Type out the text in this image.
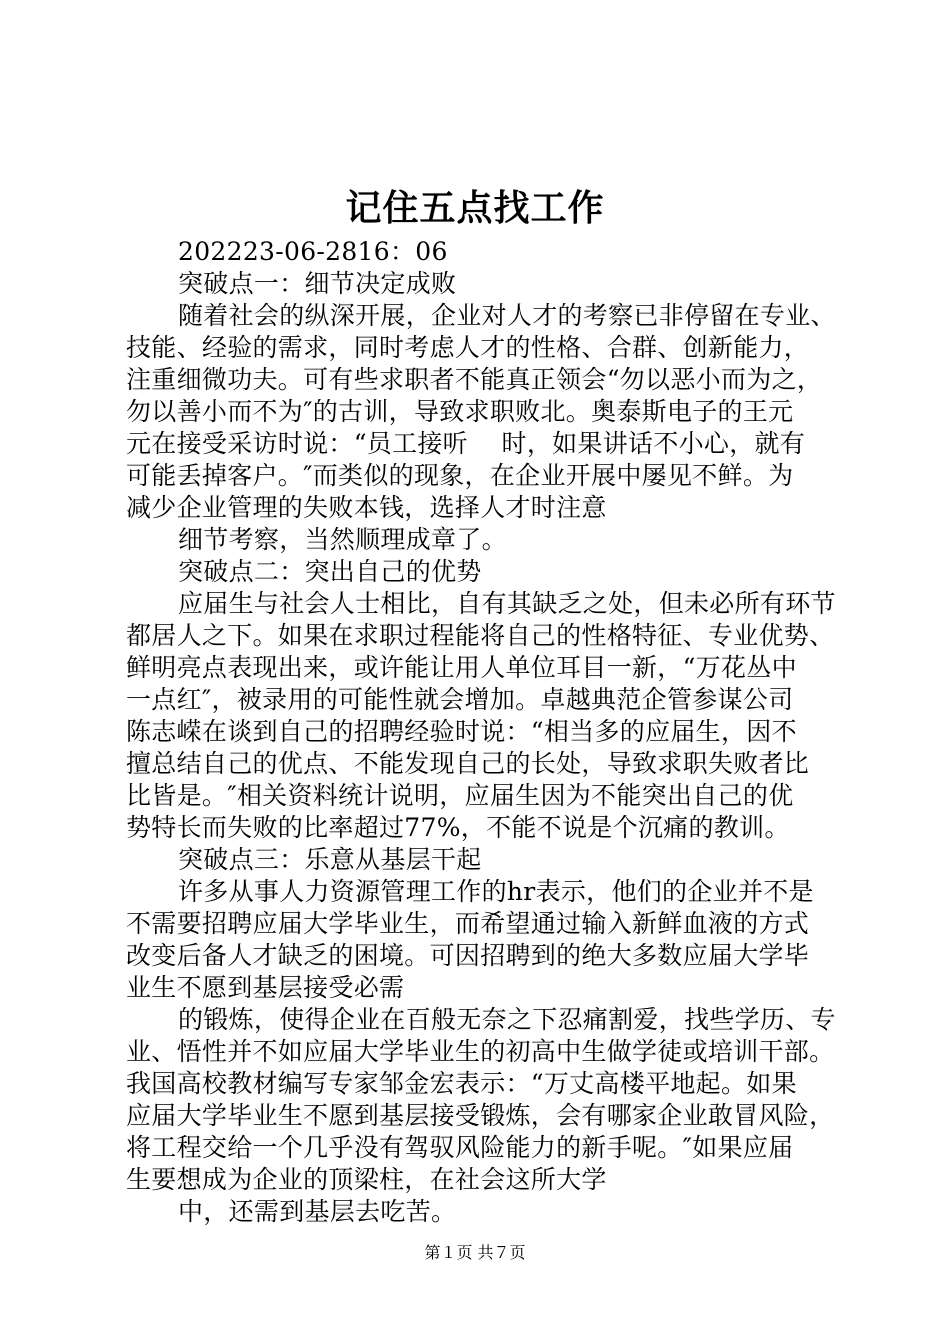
记住五点找工作
202223-06-2816：06
突破点一：细节决定成败
随着社会的纵深开展，企业对人才的考察已非停留在专业、
技能、经验的需求，同时考虑人才的性格、合群、创新能力，
注重细微功夫。可有些求职者不能真正领会“勿以恶小而为之，
勿以善小而不为″的古训，导致求职败北。奥泰斯电子的王元
元在接受采访时说：“员工接听　 时，如果讲话不小心，就有
可能丢掉客户。″而类似的现象，在企业开展中屡见不鲜。为
减少企业管理的失败本钱，选择人才时注意
细节考察，当然顺理成章了。
突破点二：突出自己的优势
应届生与社会人士相比，自有其缺乏之处，但未必所有环节
都居人之下。如果在求职过程能将自己的性格特征、专业优势、
鲜明亮点表现出来，或许能让用人单位耳目一新，“万花丛中
一点红″，被录用的可能性就会增加。卓越典范企管参谋公司
陈志嵘在谈到自己的招聘经验时说：“相当多的应届生，因不
擅总结自己的优点、不能发现自己的长处，导致求职失败者比
比皆是。″相关资料统计说明，应届生因为不能突出自己的优
势特长而失败的比率超过77%，不能不说是个沉痛的教训。
突破点三：乐意从基层干起
许多从事人力资源管理工作的hr表示，他们的企业并不是
不需要招聘应届大学毕业生，而希望通过输入新鲜血液的方式
改变后备人才缺乏的困境。可因招聘到的绝大多数应届大学毕
业生不愿到基层接受必需
的锻炼，使得企业在百般无奈之下忍痛割爱，找些学历、专
业、悟性并不如应届大学毕业生的初高中生做学徒或培训干部。
我国高校教材编写专家邹金宏表示：“万丈高楼平地起。如果
应届大学毕业生不愿到基层接受锻炼，会有哪家企业敢冒风险，
将工程交给一个几乎没有驾驭风险能力的新手呢。″如果应届
生要想成为企业的顶梁柱，在社会这所大学
中，还需到基层去吃苦。
第１页 共７页
